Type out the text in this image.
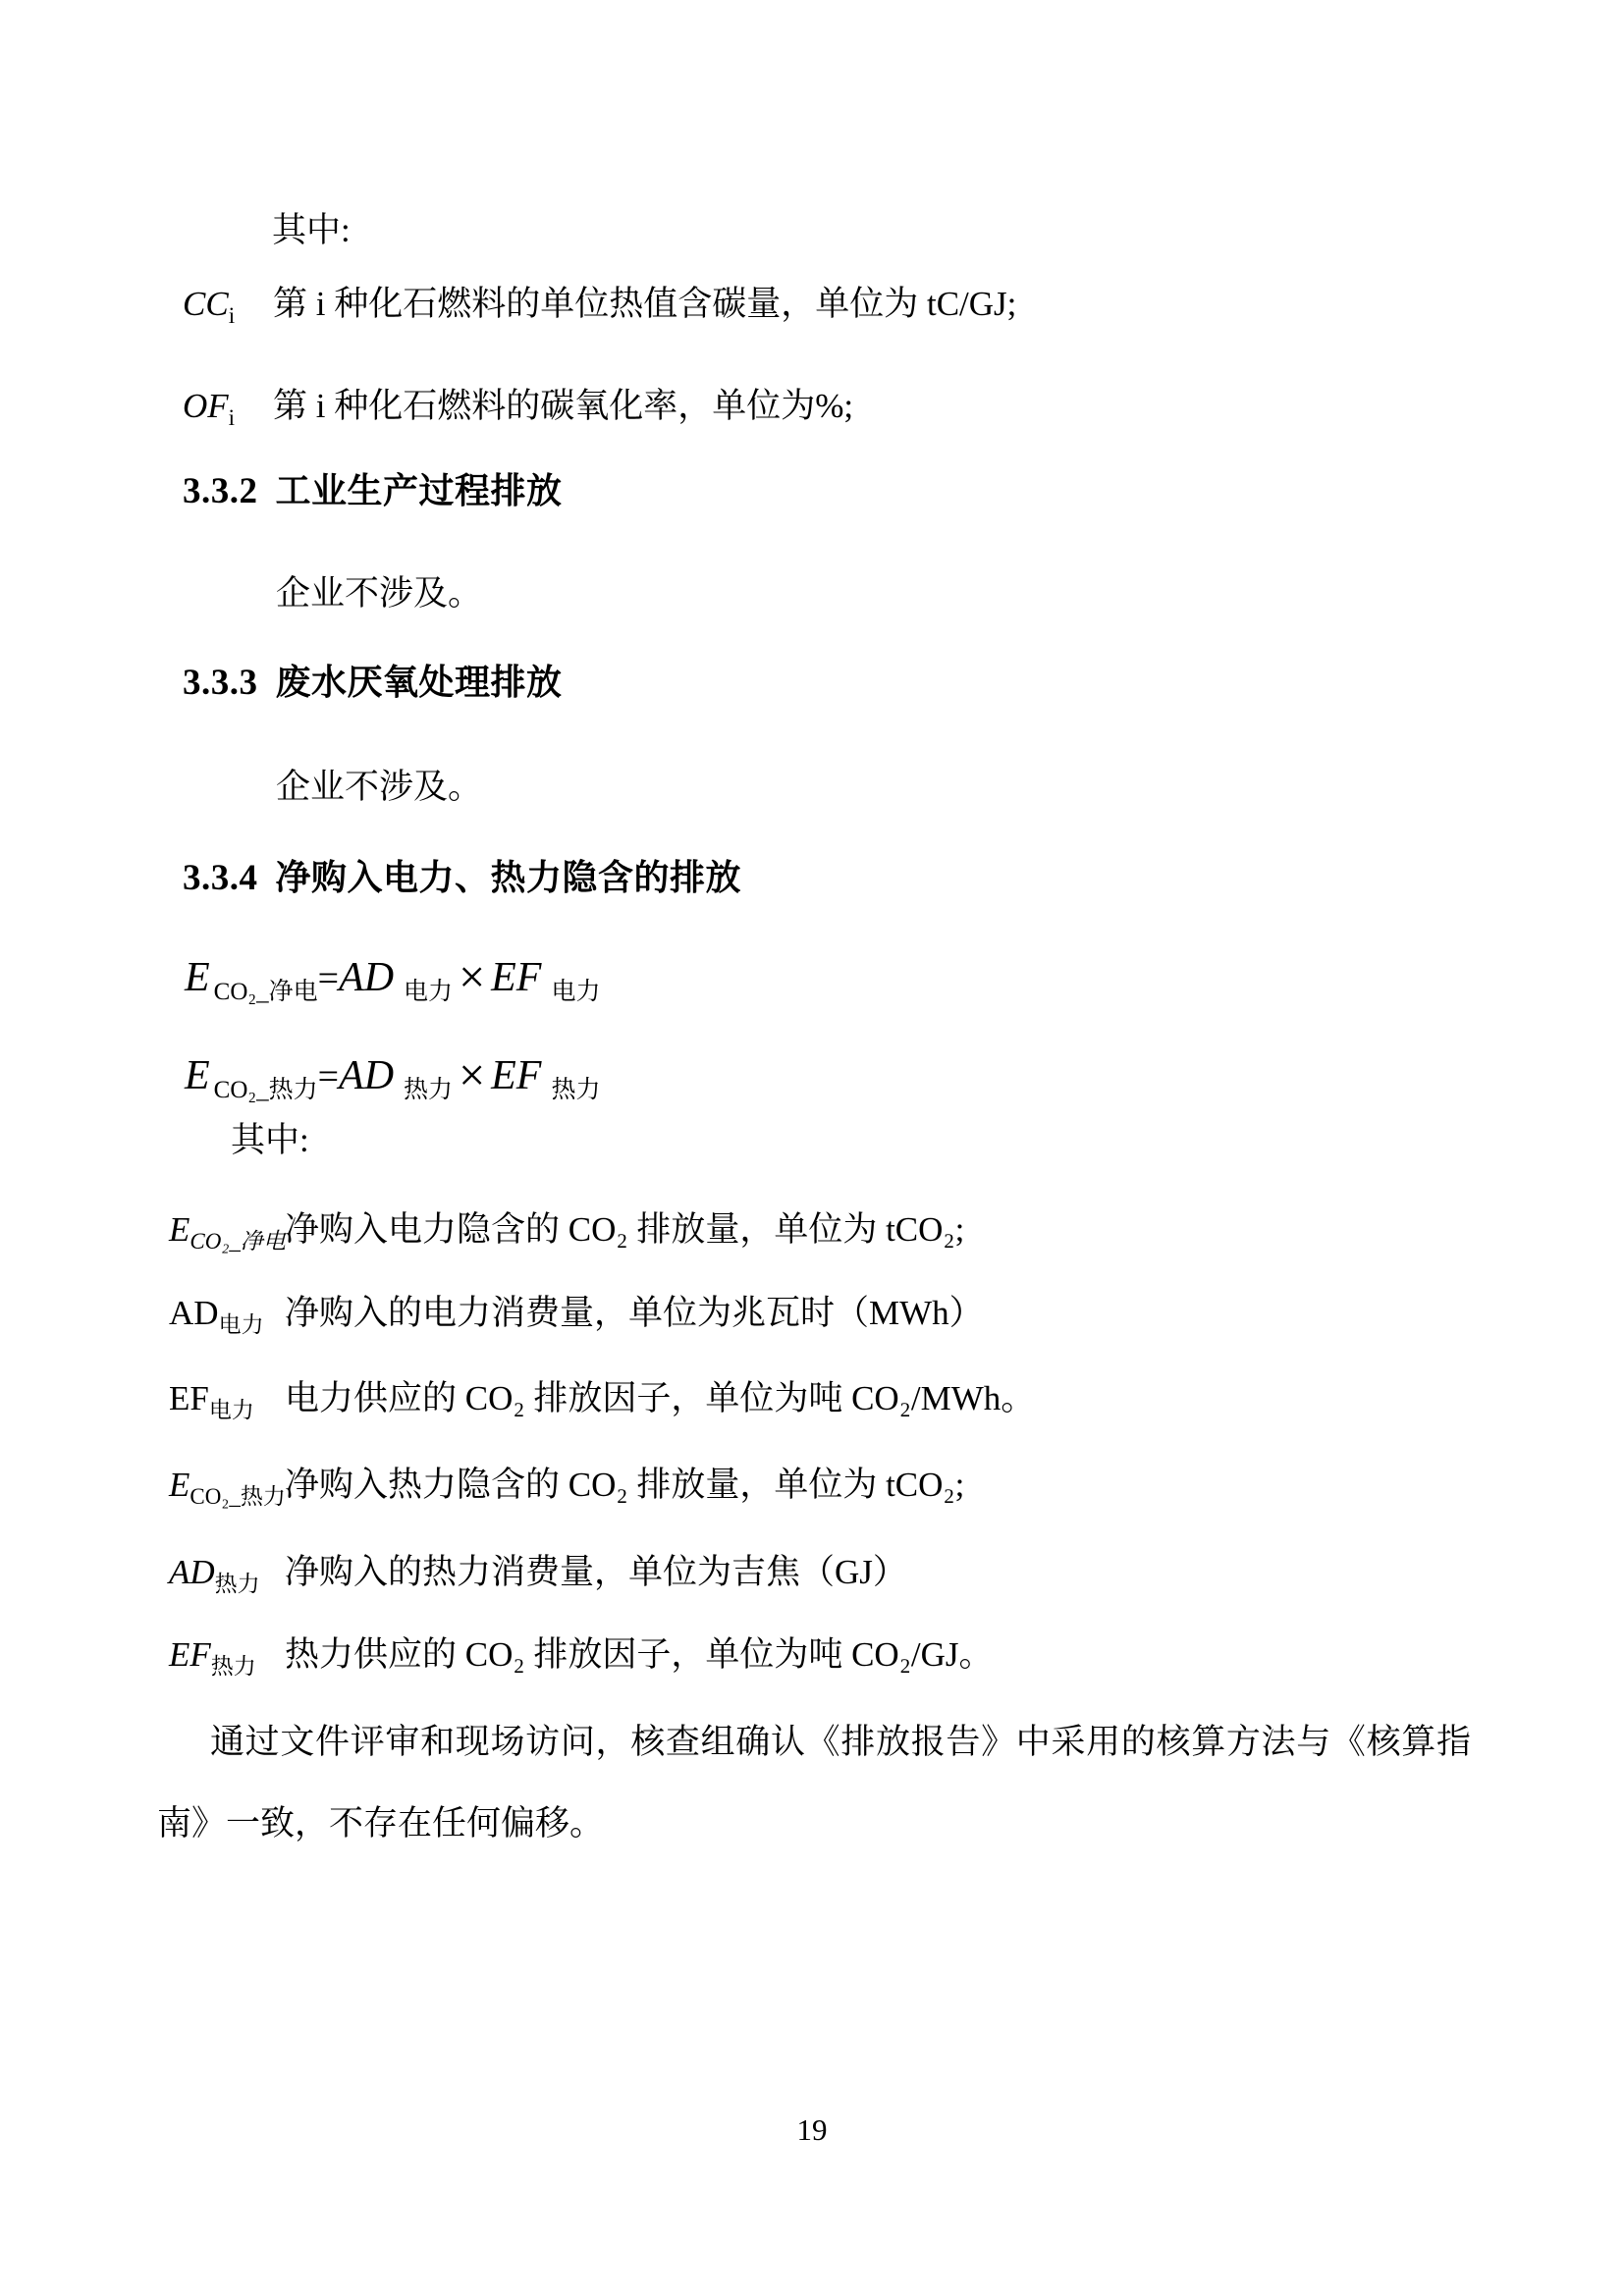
其中:
$CC_i$	第 i 种化石燃料的单位热值含碳量，单位为 tC/GJ;
$OF_i$	第 i 种化石燃料的碳氧化率，单位为%;
3.3.2 工业生产过程排放
企业不涉及。
3.3.3 废水厌氧处理排放
企业不涉及。
3.3.4 净购入电力、热力隐含的排放
E $_{CO_2\_净电}$=AD $_{电力}$ × EF $_{电力}$
E $_{CO_2\_热力}$=AD $_{热力}$ × EF $_{热力}$
其中:
$E_{CO_2\_净电}$ 净购入电力隐含的 CO₂ 排放量，单位为 tCO₂;
$AD_{电力}$ 净购入的电力消费量，单位为兆瓦时（MWh）
$EF_{电力}$ 电力供应的 CO₂ 排放因子，单位为吨 CO₂/MWh。
$E_{CO_2\_热力}$ 净购入热力隐含的 CO₂ 排放量，单位为 tCO₂;
$AD_{热力}$ 净购入的热力消费量，单位为吉焦（GJ）
$EF_{热力}$ 热力供应的 CO₂ 排放因子，单位为吨 CO₂/GJ。
通过文件评审和现场访问，核查组确认《排放报告》中采用的核算方法与《核算指南》一致，不存在任何偏移。
19
